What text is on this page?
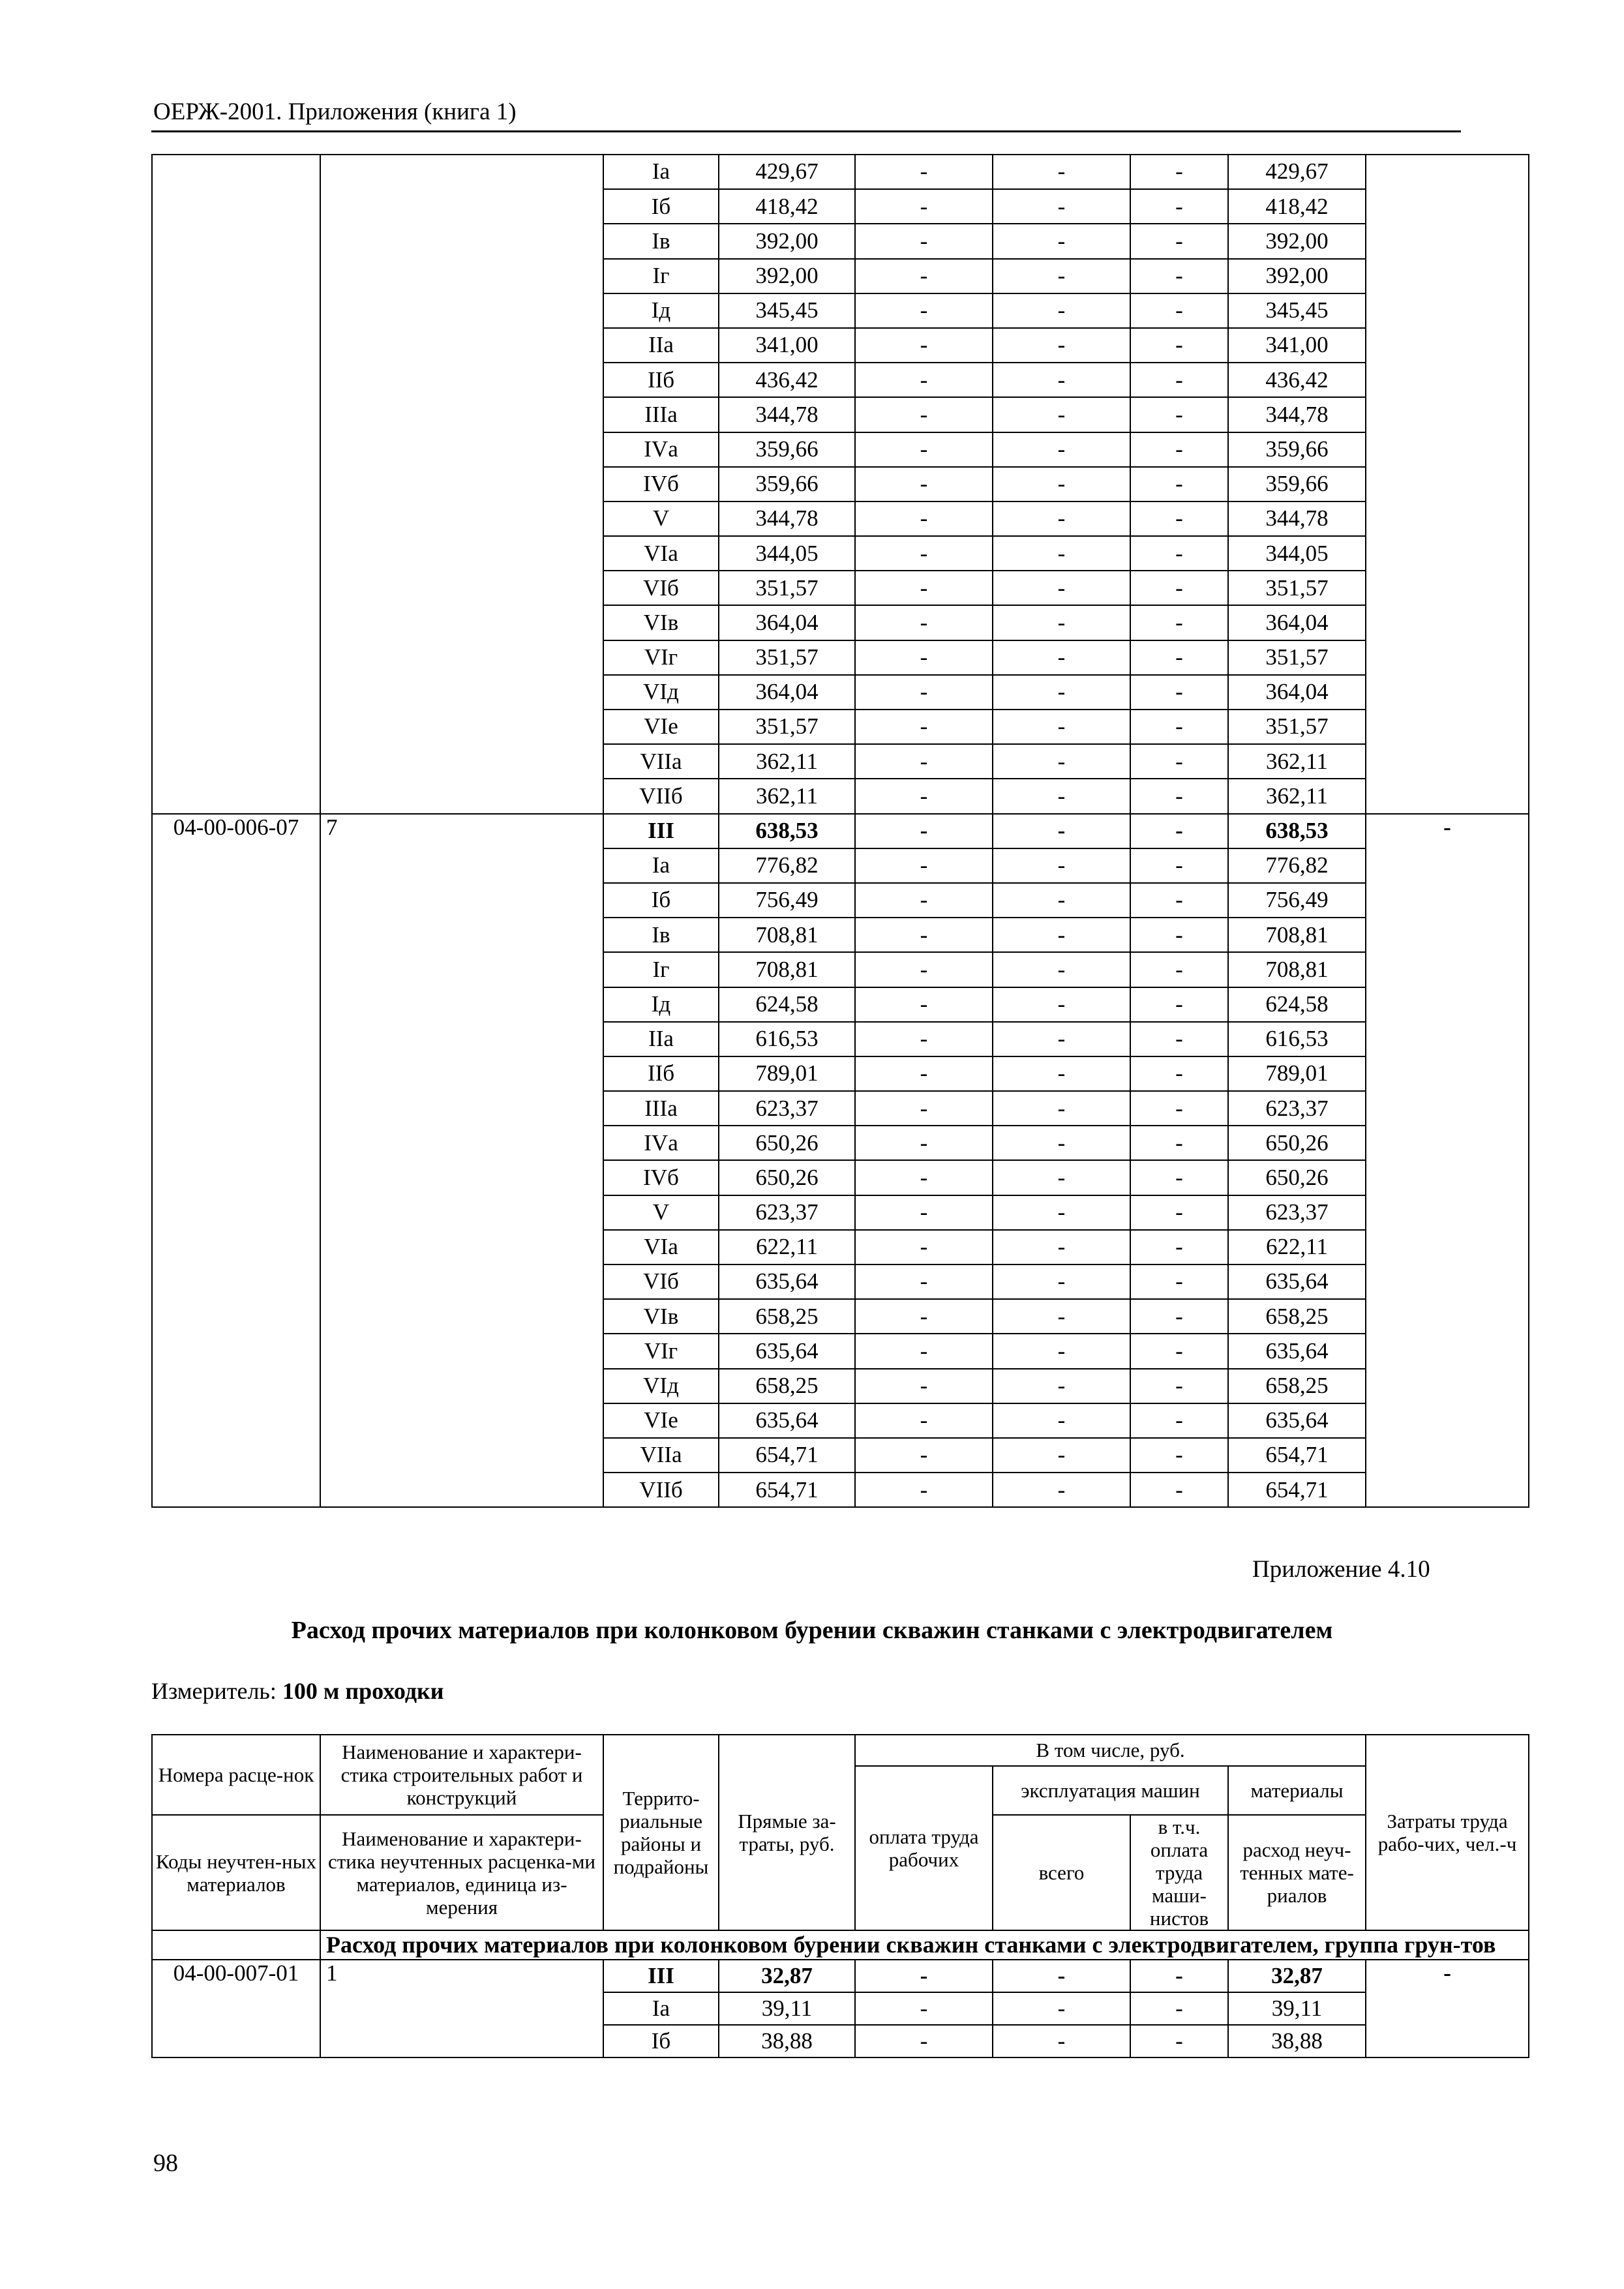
ОЕРЖ-2001. Приложения (книга 1)
		Iа	429,67	-	-	-	429,67	
		Iб	418,42	-	-	-	418,42	
		Iв	392,00	-	-	-	392,00	
		Iг	392,00	-	-	-	392,00	
		Iд	345,45	-	-	-	345,45	
		IIа	341,00	-	-	-	341,00	
		IIб	436,42	-	-	-	436,42	
		IIIа	344,78	-	-	-	344,78	
		IVа	359,66	-	-	-	359,66	
		IVб	359,66	-	-	-	359,66	
		V	344,78	-	-	-	344,78	
		VIа	344,05	-	-	-	344,05	
		VIб	351,57	-	-	-	351,57	
		VIв	364,04	-	-	-	364,04	
		VIг	351,57	-	-	-	351,57	
		VIд	364,04	-	-	-	364,04	
		VIе	351,57	-	-	-	351,57	
		VIIа	362,11	-	-	-	362,11	
		VIIб	362,11	-	-	-	362,11	
04-00-006-07	7	III	638,53	-	-	-	638,53	-
		Iа	776,82	-	-	-	776,82	
		Iб	756,49	-	-	-	756,49	
		Iв	708,81	-	-	-	708,81	
		Iг	708,81	-	-	-	708,81	
		Iд	624,58	-	-	-	624,58	
		IIа	616,53	-	-	-	616,53	
		IIб	789,01	-	-	-	789,01	
		IIIа	623,37	-	-	-	623,37	
		IVа	650,26	-	-	-	650,26	
		IVб	650,26	-	-	-	650,26	
		V	623,37	-	-	-	623,37	
		VIа	622,11	-	-	-	622,11	
		VIб	635,64	-	-	-	635,64	
		VIв	658,25	-	-	-	658,25	
		VIг	635,64	-	-	-	635,64	
		VIд	658,25	-	-	-	658,25	
		VIе	635,64	-	-	-	635,64	
		VIIа	654,71	-	-	-	654,71	
		VIIб	654,71	-	-	-	654,71	
Приложение 4.10
Расход прочих материалов при колонковом бурении скважин станками с электродвигателем
Измеритель: 100 м проходки
Номера расце-нок	Наименование и характери-стика строительных работ и конструкций	Террито-риальные районы и подрайоны	Прямые за-траты, руб.	В том числе, руб.				Затраты труда рабо-чих, чел.-ч
				оплата труда рабочих	эксплуатация машин		материалы	
Коды неучтен-ных материалов	Наименование и характери-стика неучтенных расценка-ми материалов, единица из-мерения				всего	в т.ч. оплата труда маши-нистов	расход неуч-тенных мате-риалов	

	Расход прочих материалов при колонковом бурении скважин станками с электродвигателем, группа грун-тов							
04-00-007-01	1	III	32,87	-	-	-	32,87	-
		Iа	39,11	-	-	-	39,11	
		Iб	38,88	-	-	-	38,88	
98
